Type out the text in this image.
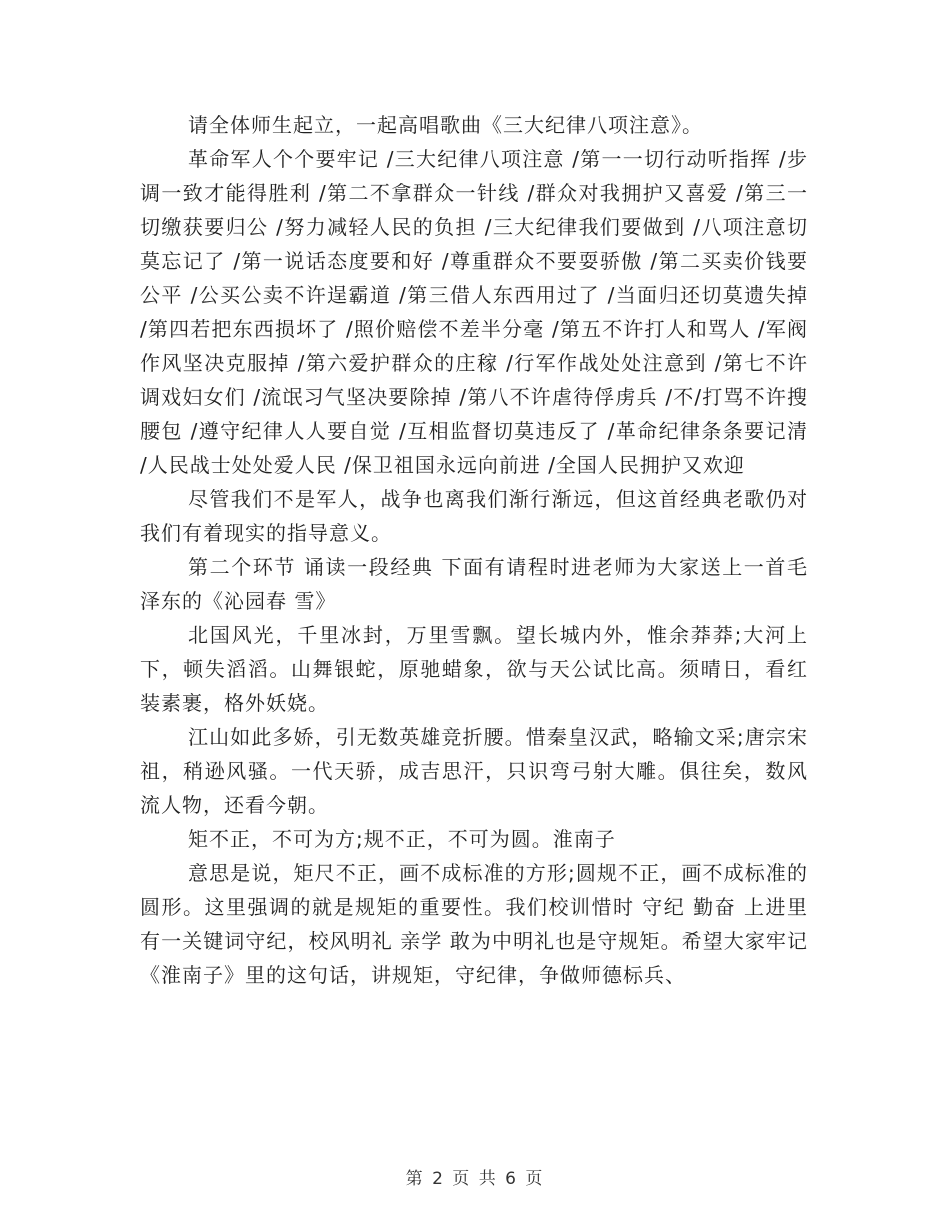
请全体师生起立，一起高唱歌曲《三大纪律八项注意》。

革命军人个个要牢记 /三大纪律八项注意 /第一一切行动听指挥 /步调一致才能得胜利 /第二不拿群众一针线 /群众对我拥护又喜爱 /第三一切缴获要归公 /努力减轻人民的负担 /三大纪律我们要做到 /八项注意切莫忘记了 /第一说话态度要和好 /尊重群众不要耍骄傲 /第二买卖价钱要公平 /公买公卖不许逞霸道 /第三借人东西用过了 /当面归还切莫遗失掉 /第四若把东西损坏了 /照价赔偿不差半分毫 /第五不许打人和骂人 /军阀作风坚决克服掉 /第六爱护群众的庄稼 /行军作战处处注意到 /第七不许调戏妇女们 /流氓习气坚决要除掉 /第八不许虐待俘虏兵 /不/打骂不许搜腰包 /遵守纪律人人要自觉 /互相监督切莫违反了 /革命纪律条条要记清 /人民战士处处爱人民 /保卫祖国永远向前进 /全国人民拥护又欢迎

尽管我们不是军人，战争也离我们渐行渐远，但这首经典老歌仍对我们有着现实的指导意义。

第二个环节 诵读一段经典 下面有请程时进老师为大家送上一首毛泽东的《沁园春 雪》

北国风光，千里冰封，万里雪飘。望长城内外，惟余莽莽;大河上下，顿失滔滔。山舞银蛇，原驰蜡象，欲与天公试比高。须晴日，看红装素裹，格外妖娆。

江山如此多娇，引无数英雄竞折腰。惜秦皇汉武，略输文采;唐宗宋祖，稍逊风骚。一代天骄，成吉思汗，只识弯弓射大雕。俱往矣，数风流人物，还看今朝。

矩不正，不可为方;规不正，不可为圆。淮南子

意思是说，矩尺不正，画不成标准的方形;圆规不正，画不成标准的圆形。这里强调的就是规矩的重要性。我们校训惜时 守纪 勤奋 上进里有一关键词守纪，校风明礼 亲学 敢为中明礼也是守规矩。希望大家牢记《淮南子》里的这句话，讲规矩，守纪律，争做师德标兵、

第 2 页 共 6 页
